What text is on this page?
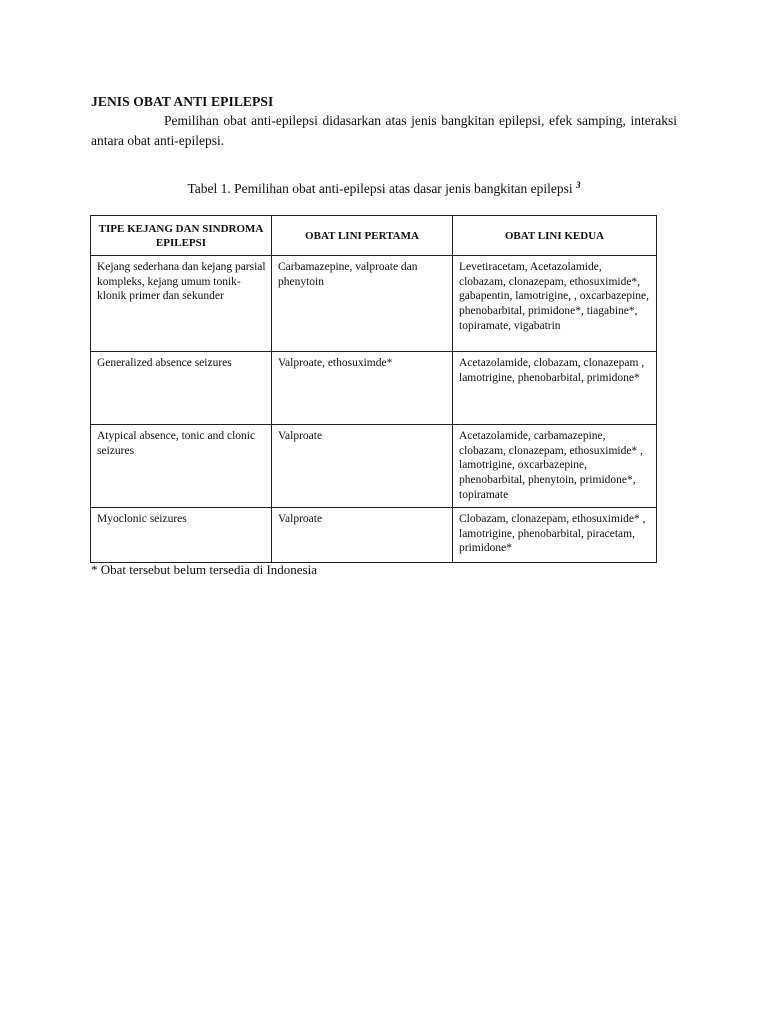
JENIS OBAT ANTI EPILEPSI
Pemilihan obat anti-epilepsi didasarkan atas jenis bangkitan epilepsi, efek samping, interaksi antara obat anti-epilepsi.
Tabel 1. Pemilihan obat anti-epilepsi atas dasar jenis bangkitan epilepsi $^3$
TIPE KEJANG DAN SINDROMA EPILEPSI	OBAT LINI PERTAMA	OBAT LINI KEDUA
Kejang sederhana dan kejang parsial kompleks, kejang umum tonik-klonik primer dan sekunder	Carbamazepine, valproate dan phenytoin	Levetiracetam, Acetazolamide, clobazam, clonazepam, ethosuximide*, gabapentin, lamotrigine, , oxcarbazepine, phenobarbital, primidone*, tiagabine*, topiramate, vigabatrin
Generalized absence seizures	Valproate, ethosuximde*	Acetazolamide, clobazam, clonazepam , lamotrigine, phenobarbital, primidone*
Atypical absence, tonic and clonic seizures	Valproate	Acetazolamide, carbamazepine, clobazam, clonazepam, ethosuximide* , lamotrigine, oxcarbazepine, phenobarbital, phenytoin, primidone*, topiramate
Myoclonic seizures	Valproate	Clobazam, clonazepam, ethosuximide* , lamotrigine, phenobarbital, piracetam, primidone*
* Obat tersebut belum tersedia di Indonesia
